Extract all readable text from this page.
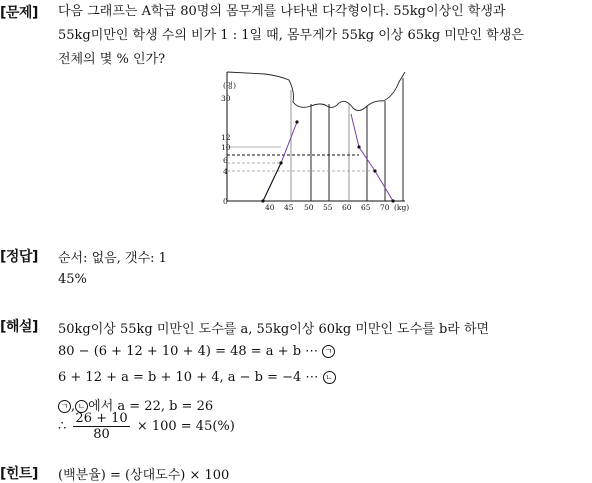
[문제] 다음 그래프는 A학급 80명의 몸무게를 나타낸 다각형이다. 55kg이상인 학생과
55kg미만인 학생 수의 비가 1 : 1일 때, 몸무게가 55kg 이상 65kg 미만인 학생은
전체의 몇 % 인가?
(명)
30
12
10
6
4
0
40 45 50 55 60 65 70 (kg)
[정답] 순서: 없음, 갯수: 1
45%
[해설] 50kg이상 55kg 미만인 도수를 a, 55kg이상 60kg 미만인 도수를 b라 하면
80 − (6 + 12 + 10 + 4) = 48 = a + b ⋯ ㄱ
6 + 12 + a = b + 10 + 4, a − b = −4 ⋯ ㄴ
ㄱ , ㄴ 에서 a = 22, b = 26
∴ $\frac{26 + 10}{80} \times 100 = 45(\%)$
[힌트] (백분율) = (상대도수) × 100
